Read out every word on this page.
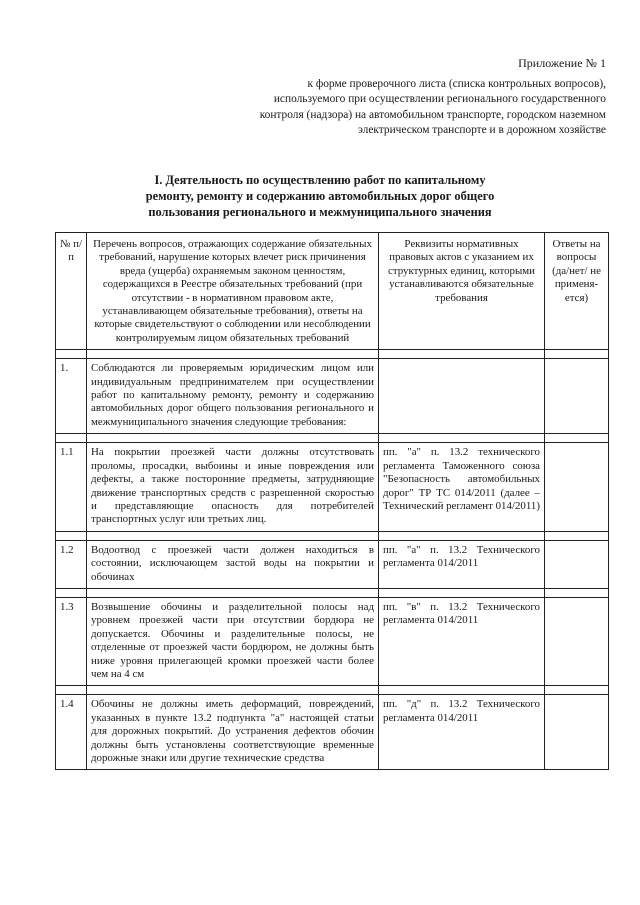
Приложение № 1
к форме проверочного листа (списка контрольных вопросов),
используемого при осуществлении регионального государственного
контроля (надзора) на автомобильном транспорте, городском наземном
электрическом транспорте и в дорожном хозяйстве
I. Деятельность по осуществлению работ по капитальному
ремонту, ремонту и содержанию автомобильных дорог общего
пользования регионального и межмуниципального значения
№ п/п	Перечень вопросов, отражающих содержание обязательных требований, нарушение которых влечет риск причинения вреда (ущерба) охраняемым законом ценностям, содержащихся в Реестре обязательных требований (при отсутствии - в нормативном правовом акте, устанавливающем обязательные требования), ответы на которые свидетельствуют о соблюдении или несоблюдении контролируемым лицом обязательных требований	Реквизиты нормативных правовых актов с указанием их структурных единиц, которыми устанавливаются обязательные требования	Ответы на вопросы (да/нет/ не применя-ется)

1.	Соблюдаются ли проверяемым юридическим лицом или индивидуальным предпринимателем при осуществлении работ по капитальному ремонту, ремонту и содержанию автомобильных дорог общего пользования регионального и межмуниципального значения следующие требования:		

1.1	На покрытии проезжей части должны отсутствовать проломы, просадки, выбоины и иные повреждения или дефекты, а также посторонние предметы, затрудняющие движение транспортных средств с разрешенной скоростью и представляющие опасность для потребителей транспортных услуг или третьих лиц.	пп. "а" п. 13.2 технического регламента Таможенного союза "Безопасность автомобильных дорог" ТР ТС 014/2011 (далее – Технический регламент 014/2011)	

1.2	Водоотвод с проезжей части должен находиться в состоянии, исключающем застой воды на покрытии и обочинах	пп. "а" п. 13.2 Технического регламента 014/2011	

1.3	Возвышение обочины и разделительной полосы над уровнем проезжей части при отсутствии бордюра не допускается. Обочины и разделительные полосы, не отделенные от проезжей части бордюром, не должны быть ниже уровня прилегающей кромки проезжей части более чем на 4 см	пп. "в" п. 13.2 Технического регламента 014/2011	

1.4	Обочины не должны иметь деформаций, повреждений, указанных в пункте 13.2 подпункта "а" настоящей статьи для дорожных покрытий. До устранения дефектов обочин должны быть установлены соответствующие временные дорожные знаки или другие технические средства	пп. "д" п. 13.2 Технического регламента 014/2011	
